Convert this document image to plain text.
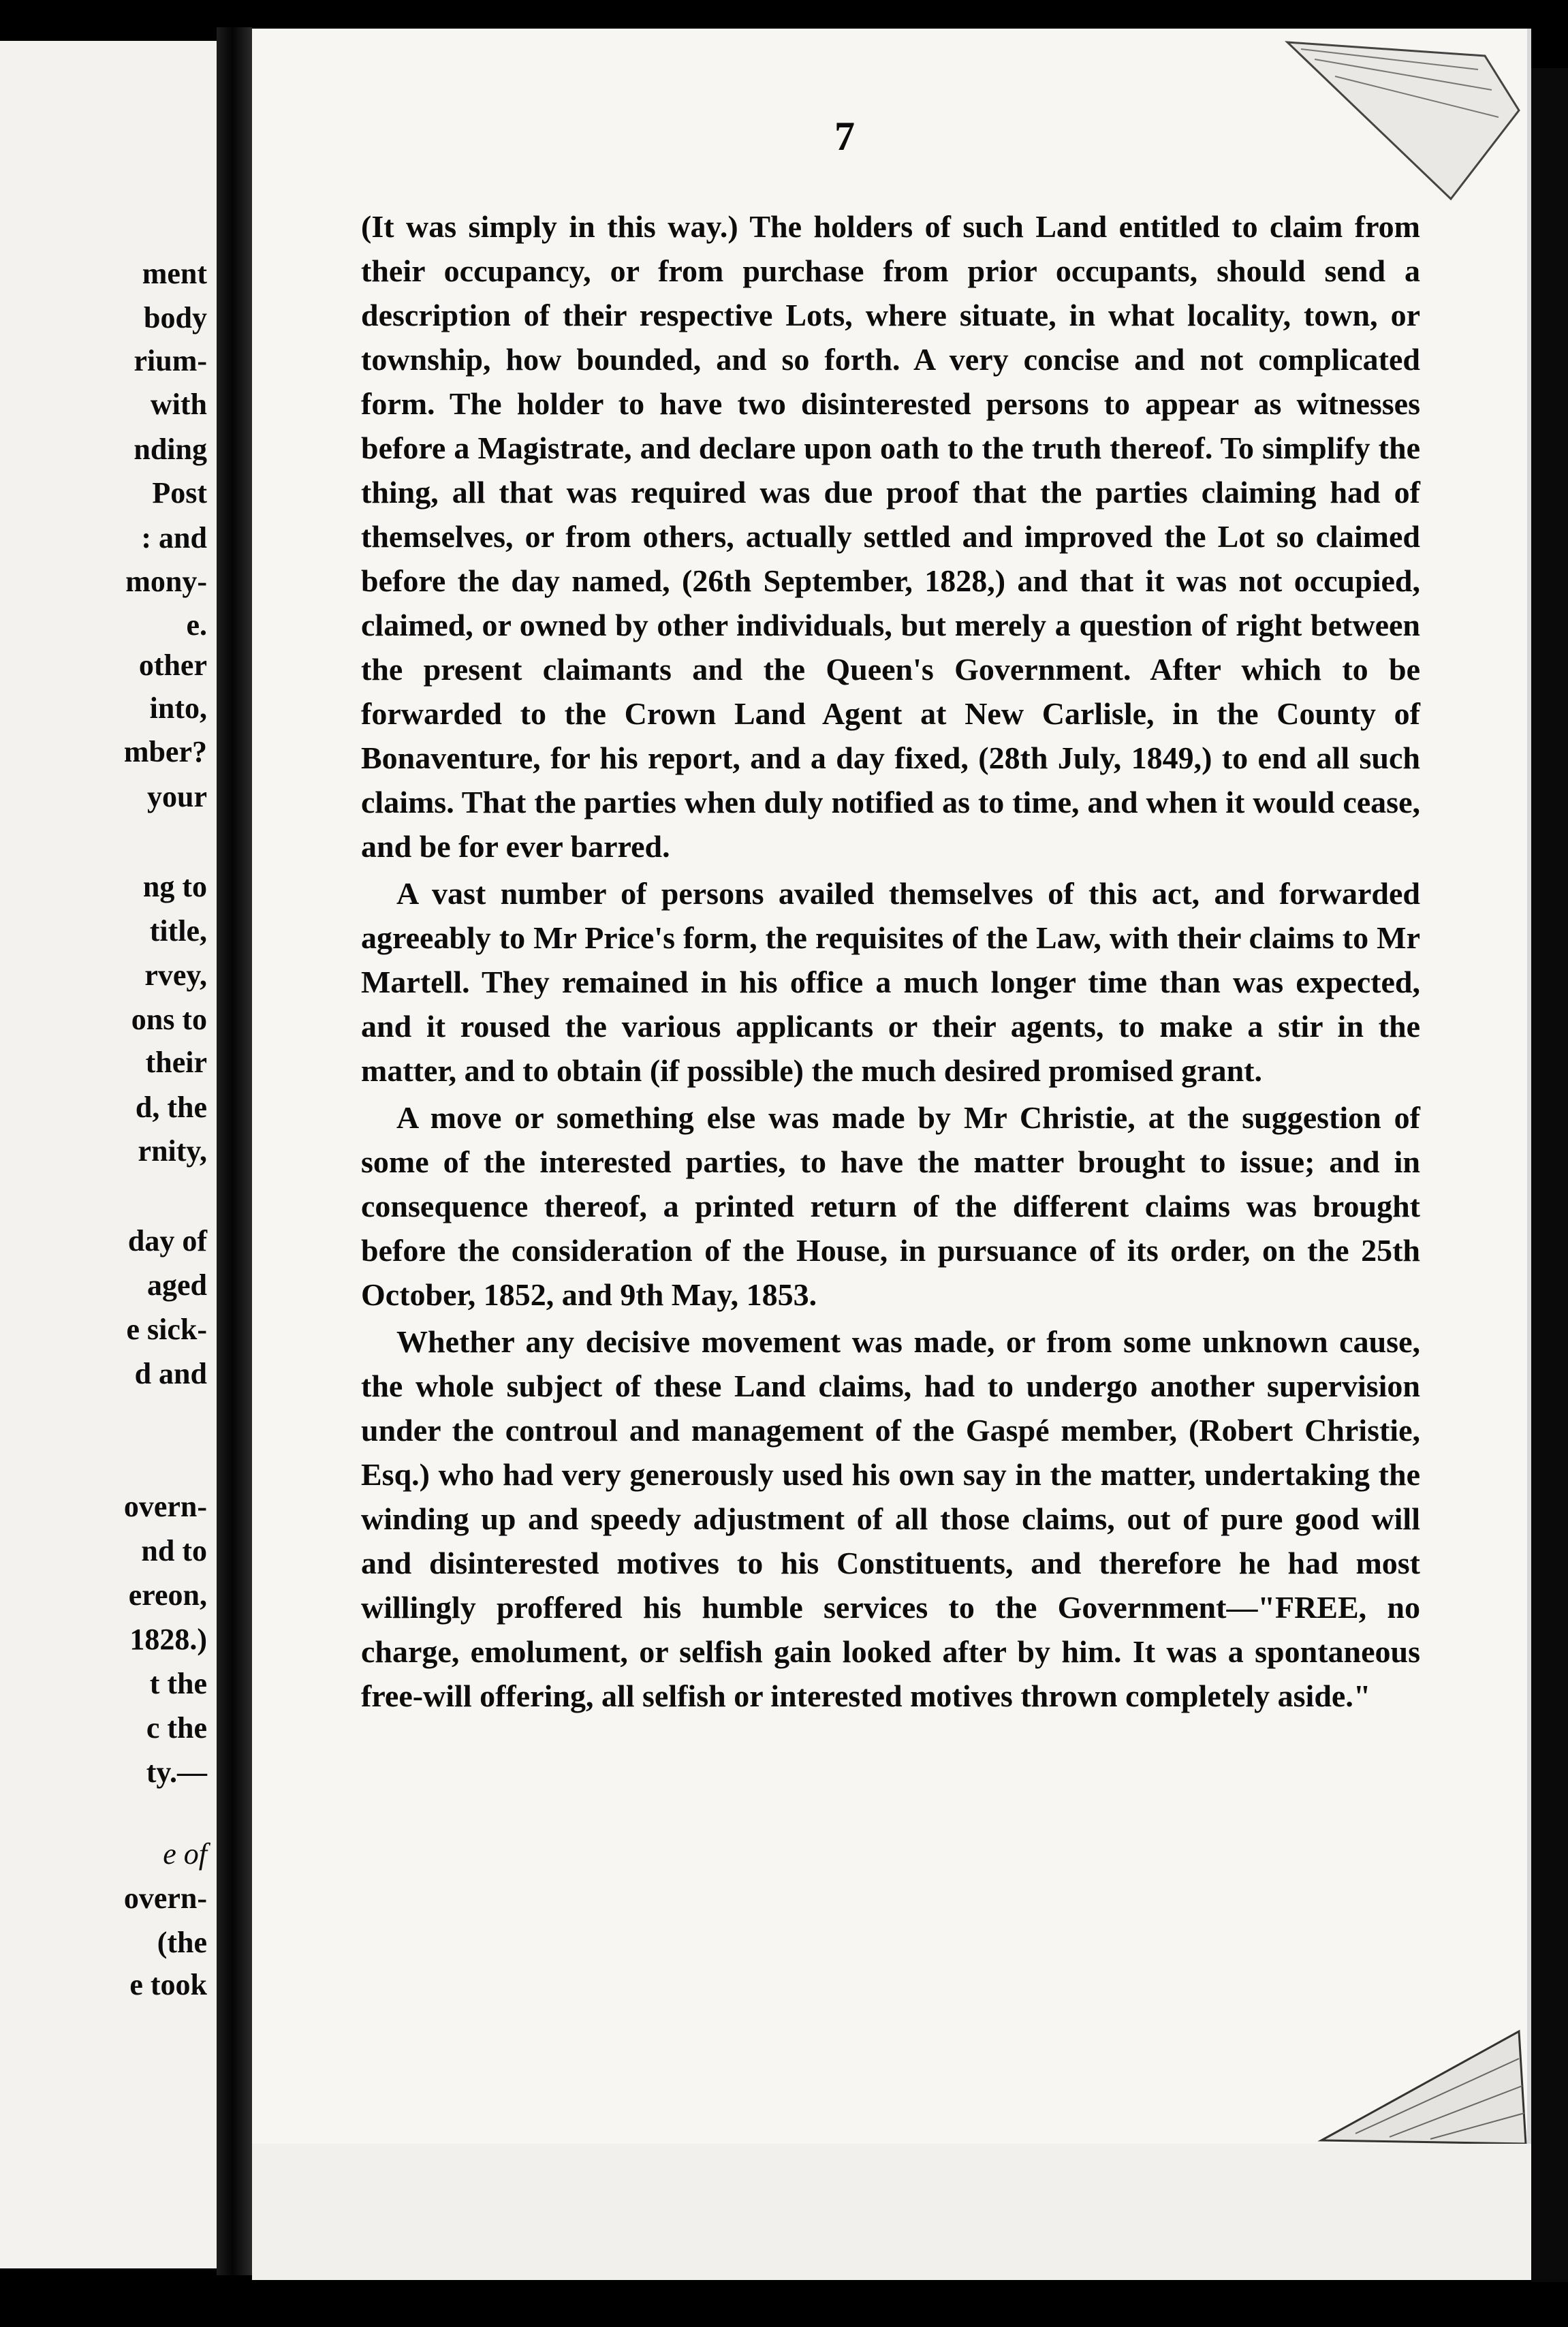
ment
body
rium-
with
nding
Post
: and
mony-
e.
other
into,
mber?
your
ng to
title,
rvey,
ons to
their
d, the
rnity,
day of
aged
e sick-
d and
overn-
nd to
ereon,
1828.)
t the
c the
ty.—
e of
overn-
(the
e took
7

(It was simply in this way.) The holders of such Land entitled to claim from their occupancy, or from purchase from prior occupants, should send a description of their respective Lots, where situate, in what locality, town, or township, how bounded, and so forth. A very concise and not complicated form. The holder to have two disinterested persons to appear as witnesses before a Magistrate, and declare upon oath to the truth thereof. To simplify the thing, all that was required was due proof that the parties claiming had of themselves, or from others, actually settled and improved the Lot so claimed before the day named, (26th September, 1828,) and that it was not occupied, claimed, or owned by other individuals, but merely a question of right between the present claimants and the Queen's Government. After which to be forwarded to the Crown Land Agent at New Carlisle, in the County of Bonaventure, for his report, and a day fixed, (28th July, 1849,) to end all such claims. That the parties when duly notified as to time, and when it would cease, and be for ever barred.

A vast number of persons availed themselves of this act, and forwarded agreeably to Mr Price's form, the requisites of the Law, with their claims to Mr Martell. They remained in his office a much longer time than was expected, and it roused the various applicants or their agents, to make a stir in the matter, and to obtain (if possible) the much desired promised grant.

A move or something else was made by Mr Christie, at the suggestion of some of the interested parties, to have the matter brought to issue; and in consequence thereof, a printed return of the different claims was brought before the consideration of the House, in pursuance of its order, on the 25th October, 1852, and 9th May, 1853.

Whether any decisive movement was made, or from some unknown cause, the whole subject of these Land claims, had to undergo another supervision under the controul and management of the Gaspé member, (Robert Christie, Esq.) who had very generously used his own say in the matter, undertaking the winding up and speedy adjustment of all those claims, out of pure good will and disinterested motives to his Constituents, and therefore he had most willingly proffered his humble services to the Government—"FREE, no charge, emolument, or selfish gain looked after by him. It was a spontaneous free-will offering, all selfish or interested motives thrown completely aside."
